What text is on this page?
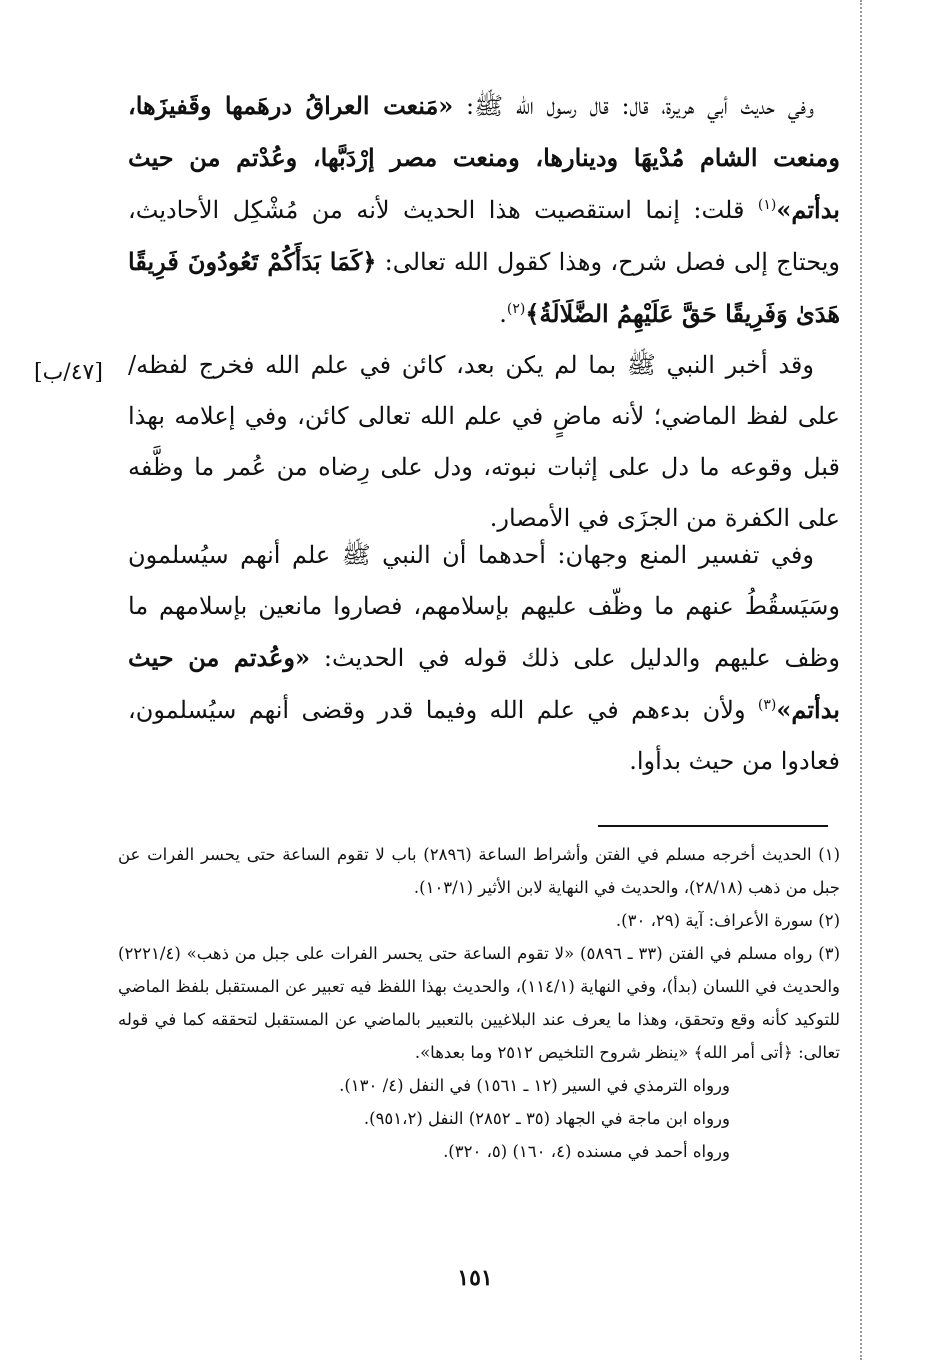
وفي حديث أبي هريرة، قال: قال رسول الله ﷺ: «مَنعت العراقُ درهَمها وقَفيزَها، ومنعت الشام مُدْيهَا ودينارها، ومنعت مصر إرْدَبَّها، وعُدْتم من حيث بدأتم»$^{(١)}$ قلت: إنما استقصيت هذا الحديث لأنه من مُشْكِل الأحاديث، ويحتاج إلى فصل شرح، وهذا كقول الله تعالى: ﴿كَمَا بَدَأَكُمْ تَعُودُونَ فَرِيقًا هَدَىٰ وَفَرِيقًا حَقَّ عَلَيْهِمُ الضَّلَالَةُ﴾$^{(٢)}$.

وقد أخبر النبي ﷺ بما لم يكن بعد، كائن في علم الله فخرج لفظه/ على لفظ الماضي؛ لأنه ماضٍ في علم الله تعالى كائن، وفي إعلامه بهذا قبل وقوعه ما دل على إثبات نبوته، ودل على رِضاه من عُمر ما وظَّفه على الكفرة من الجزَى في الأمصار.

وفي تفسير المنع وجهان: أحدهما أن النبي ﷺ علم أنهم سيُسلمون وسَيَسقُطُ عنهم ما وظّف عليهم بإسلامهم، فصاروا مانعين بإسلامهم ما وظف عليهم والدليل على ذلك قوله في الحديث: «وعُدتم من حيث بدأتم»$^{(٣)}$ ولأن بدءهم في علم الله وفيما قدر وقضى أنهم سيُسلمون، فعادوا من حيث بدأوا.

[٤٧/ب]

(١) الحديث أخرجه مسلم في الفتن وأشراط الساعة (٢٨٩٦) باب لا تقوم الساعة حتى يحسر الفرات عن جبل من ذهب (٢٨/١٨)، والحديث في النهاية لابن الأثير (١٠٣/١).

(٢) سورة الأعراف: آية (٢٩، ٣٠).

(٣) رواه مسلم في الفتن (٣٣ ـ ٥٨٩٦) «لا تقوم الساعة حتى يحسر الفرات على جبل من ذهب» (٢٢٢١/٤) والحديث في اللسان (بدأ)، وفي النهاية (١١٤/١)، والحديث بهذا اللفظ فيه تعبير عن المستقبل بلفظ الماضي للتوكيد كأنه وقع وتحقق، وهذا ما يعرف عند البلاغيين بالتعبير بالماضي عن المستقبل لتحققه كما في قوله تعالى: ﴿أتى أمر الله﴾ «ينظر شروح التلخيص ٢٥١٢ وما بعدها».

ورواه الترمذي في السير (١٢ ـ ١٥٦١) في النفل (٤/ ١٣٠).

ورواه ابن ماجة في الجهاد (٣٥ ـ ٢٨٥٢) النفل (٩٥١،٢).

ورواه أحمد في مسنده (٤، ١٦٠) (٥، ٣٢٠).

١٥١
